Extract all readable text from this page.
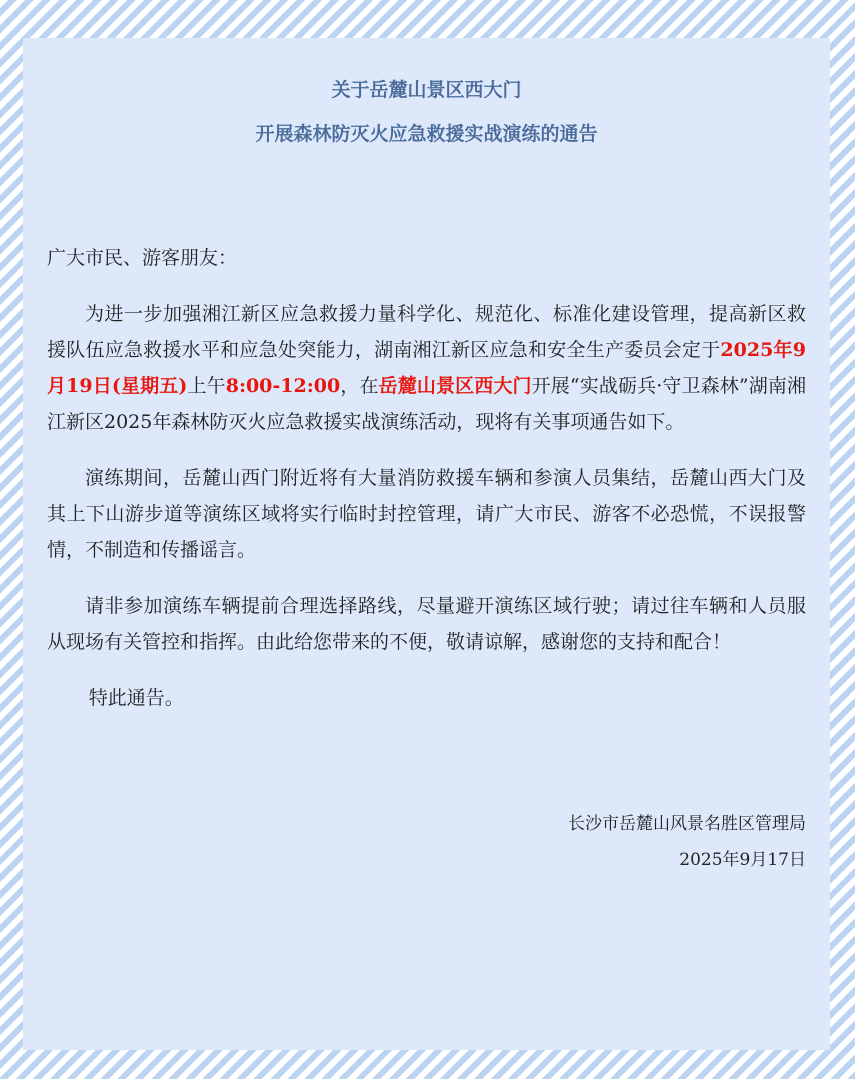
关于岳麓山景区西大门
开展森林防灭火应急救援实战演练的通告

广大市民、游客朋友：

为进一步加强湘江新区应急救援力量科学化、规范化、标准化建设管理，提高新区救援队伍应急救援水平和应急处突能力，湖南湘江新区应急和安全生产委员会定于2025年9月19日(星期五)上午8:00-12:00，在岳麓山景区西大门开展“实战砺兵·守卫森林”湖南湘江新区2025年森林防灭火应急救援实战演练活动，现将有关事项通告如下。

演练期间，岳麓山西门附近将有大量消防救援车辆和参演人员集结，岳麓山西大门及其上下山游步道等演练区域将实行临时封控管理，请广大市民、游客不必恐慌，不误报警情，不制造和传播谣言。

请非参加演练车辆提前合理选择路线，尽量避开演练区域行驶；请过往车辆和人员服从现场有关管控和指挥。由此给您带来的不便，敬请谅解，感谢您的支持和配合！

特此通告。

长沙市岳麓山风景名胜区管理局

2025年9月17日
